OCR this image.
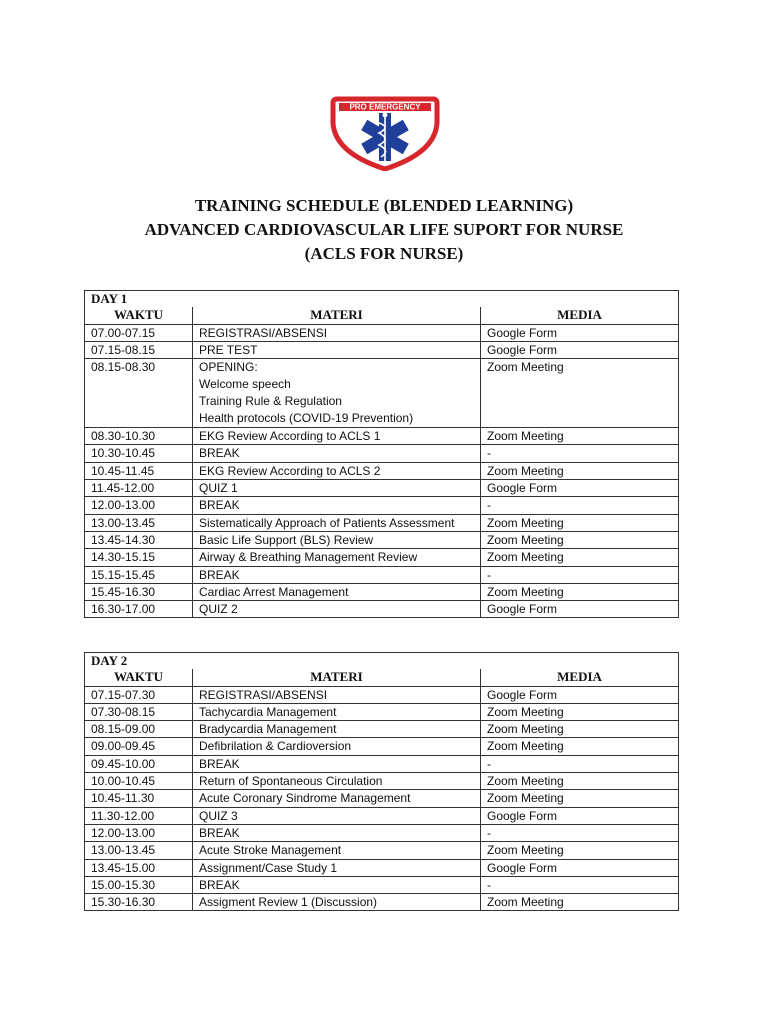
PRO EMERGENCY
TRAINING SCHEDULE (BLENDED LEARNING)
ADVANCED CARDIOVASCULAR LIFE SUPORT FOR NURSE
(ACLS FOR NURSE)
DAY 1		
WAKTU	MATERI	MEDIA
07.00-07.15	REGISTRASI/ABSENSI	Google Form
07.15-08.15	PRE TEST	Google Form
08.15-08.30	OPENING:
Welcome speech
Training Rule & Regulation
Health protocols (COVID-19 Prevention)	Zoom Meeting
08.30-10.30	EKG Review According to ACLS 1	Zoom Meeting
10.30-10.45	BREAK	-
10.45-11.45	EKG Review According to ACLS 2	Zoom Meeting
11.45-12.00	QUIZ 1	Google Form
12.00-13.00	BREAK	-
13.00-13.45	Sistematically Approach of Patients Assessment	Zoom Meeting
13.45-14.30	Basic Life Support (BLS) Review	Zoom Meeting
14.30-15.15	Airway & Breathing Management Review	Zoom Meeting
15.15-15.45	BREAK	-
15.45-16.30	Cardiac Arrest Management	Zoom Meeting
16.30-17.00	QUIZ 2	Google Form
DAY 2		
WAKTU	MATERI	MEDIA
07.15-07.30	REGISTRASI/ABSENSI	Google Form
07.30-08.15	Tachycardia Management	Zoom Meeting
08.15-09.00	Bradycardia Management	Zoom Meeting
09.00-09.45	Defibrilation & Cardioversion	Zoom Meeting
09.45-10.00	BREAK	-
10.00-10.45	Return of Spontaneous Circulation	Zoom Meeting
10.45-11.30	Acute Coronary Sindrome Management	Zoom Meeting
11.30-12.00	QUIZ 3	Google Form
12.00-13.00	BREAK	-
13.00-13.45	Acute Stroke Management	Zoom Meeting
13.45-15.00	Assignment/Case Study 1	Google Form
15.00-15.30	BREAK	-
15.30-16.30	Assigment Review 1 (Discussion)	Zoom Meeting
